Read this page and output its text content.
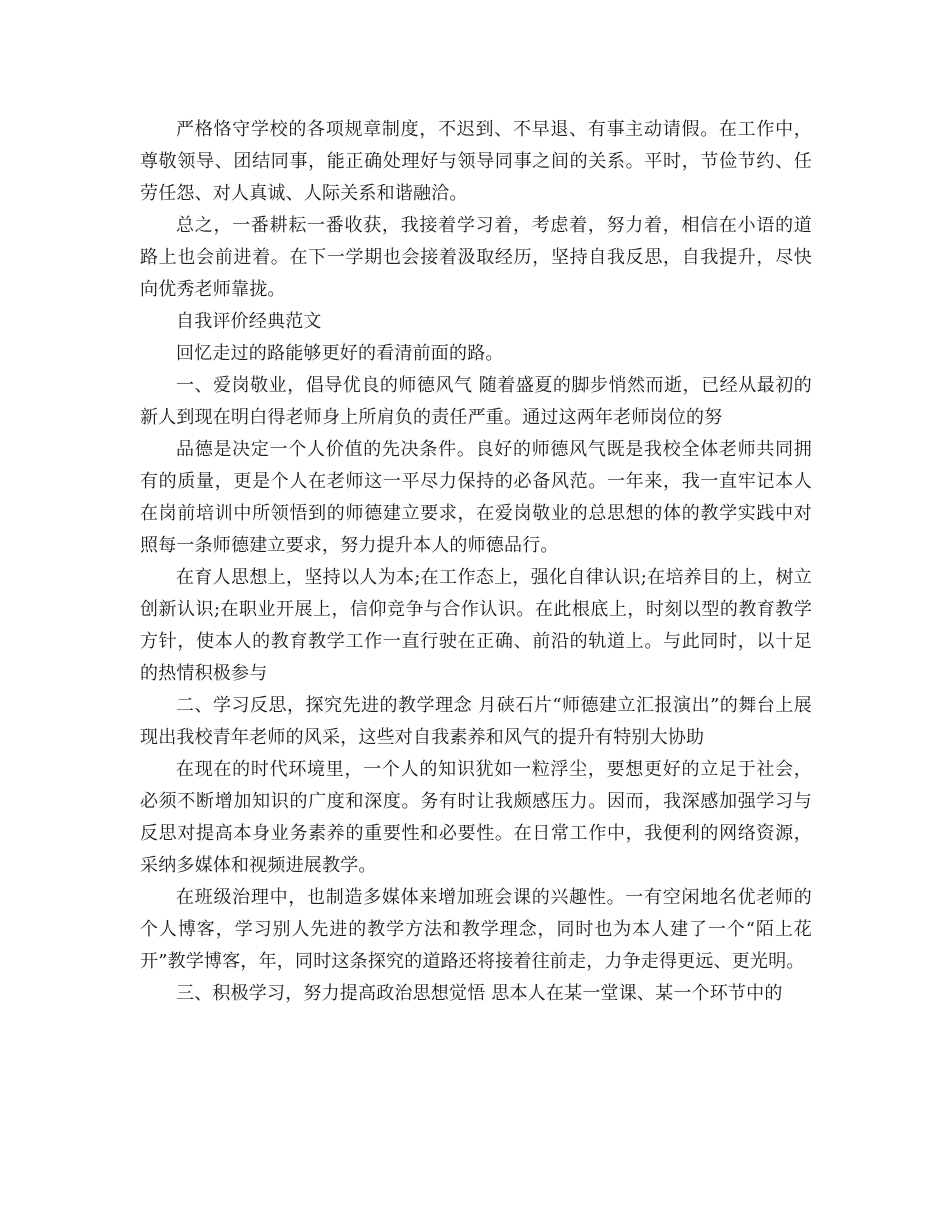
严格恪守学校的各项规章制度，不迟到、不早退、有事主动请假。在工作中，尊敬领导、团结同事，能正确处理好与领导同事之间的关系。平时，节俭节约、任劳任怨、对人真诚、人际关系和谐融洽。

总之，一番耕耘一番收获，我接着学习着，考虑着，努力着，相信在小语的道路上也会前进着。在下一学期也会接着汲取经历，坚持自我反思，自我提升，尽快向优秀老师靠拢。

自我评价经典范文

回忆走过的路能够更好的看清前面的路。

一、爱岗敬业，倡导优良的师德风气 随着盛夏的脚步悄然而逝，已经从最初的新人到现在明白得老师身上所肩负的责任严重。通过这两年老师岗位的努

品德是决定一个人价值的先决条件。良好的师德风气既是我校全体老师共同拥有的质量，更是个人在老师这一平尽力保持的必备风范。一年来，我一直牢记本人在岗前培训中所领悟到的师德建立要求，在爱岗敬业的总思想的体的教学实践中对照每一条师德建立要求，努力提升本人的师德品行。

在育人思想上，坚持以人为本;在工作态上，强化自律认识;在培养目的上，树立创新认识;在职业开展上，信仰竞争与合作认识。在此根底上，时刻以型的教育教学方针，使本人的教育教学工作一直行驶在正确、前沿的轨道上。与此同时，以十足的热情积极参与

二、学习反思，探究先进的教学理念 月硖石片“师德建立汇报演出”的舞台上展现出我校青年老师的风采，这些对自我素养和风气的提升有特别大协助

在现在的时代环境里，一个人的知识犹如一粒浮尘，要想更好的立足于社会，必须不断增加知识的广度和深度。务有时让我颇感压力。因而，我深感加强学习与反思对提高本身业务素养的重要性和必要性。在日常工作中，我便利的网络资源，采纳多媒体和视频进展教学。

在班级治理中，也制造多媒体来增加班会课的兴趣性。一有空闲地名优老师的个人博客，学习别人先进的教学方法和教学理念，同时也为本人建了一个“陌上花开”教学博客，年，同时这条探究的道路还将接着往前走，力争走得更远、更光明。

三、积极学习，努力提高政治思想觉悟 思本人在某一堂课、某一个环节中的
